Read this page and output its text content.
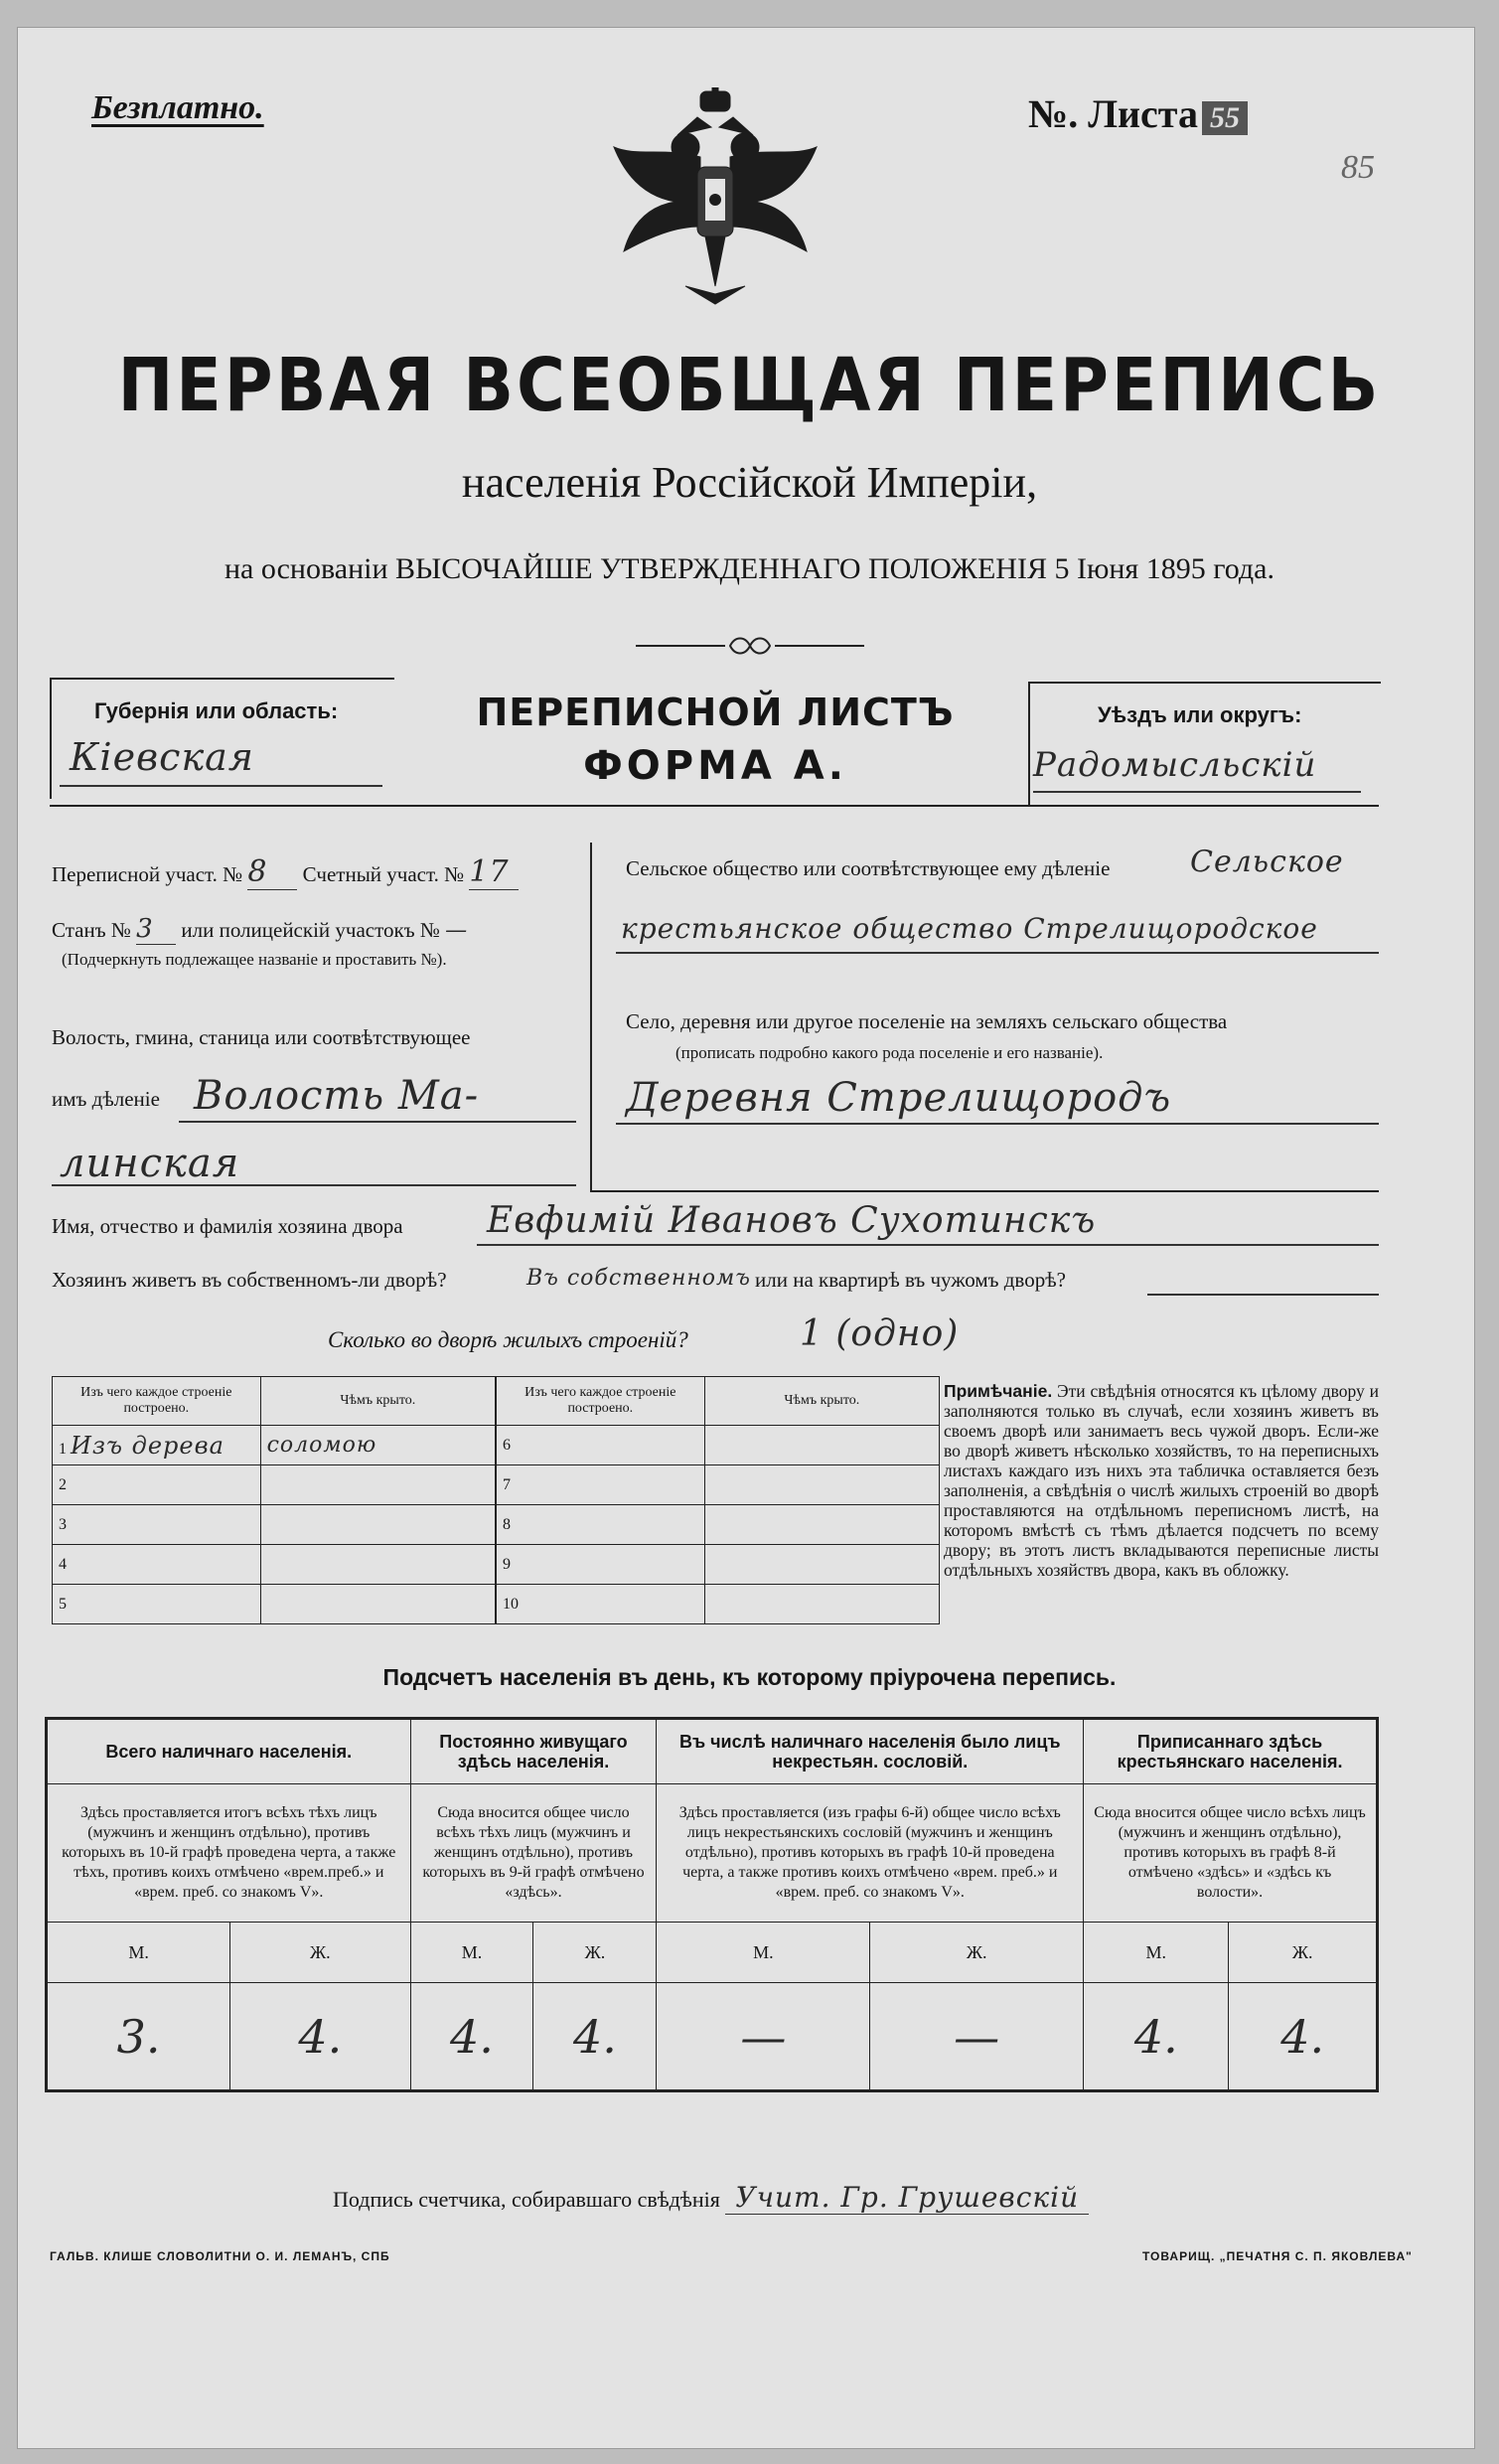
Безплатно.	№. Листа 55
85
ПЕРВАЯ ВСЕОБЩАЯ ПЕРЕПИСЬ
населенія Россійской Имперіи,
на основаніи ВЫСОЧАЙШЕ УТВЕРЖДЕННАГО ПОЛОЖЕНІЯ 5 Іюня 1895 года.
Губернія или область:
Кіевская
ПЕРЕПИСНОЙ ЛИСТЪ
ФОРМА А.
Уѣздъ или округъ:
Радомысльскій
Переписной участ. № 8 Счетный участ. № 17
Станъ № 3 или полицейскій участокъ № —
(Подчеркнуть подлежащее названіе и проставить №).
Волость, гмина, станица или соотвѣтствующее
имъ дѣленіе Волость Ма-
линская
Сельское общество или соотвѣтствующее ему дѣленіе	Сельское
крестьянское общество Стрелищородское
Село, деревня или другое поселеніе на земляхъ сельскаго общества
(прописать подробно какого рода поселеніе и его названіе).
Деревня Стрелищородъ
Имя, отчество и фамилія хозяина двора Евфимій Ивановъ Сухотинскъ
Хозяинъ живетъ въ собственномъ-ли дворѣ?	Въ собственномъ или на квартирѣ въ чужомъ дворѣ?
Сколько во дворѣ жилыхъ строеній?	1 (одно)
Изъ чего каждое строеніе построено.	Чѣмъ крыто.
1 Изъ дерева	соломою
2	
3	
4	
5	
Изъ чего каждое строеніе построено.	Чѣмъ крыто.
6	
7	
8	
9	
10	
Примѣчаніе. Эти свѣдѣнія относятся къ цѣлому двору и заполняются только въ случаѣ, если хозяинъ живетъ въ своемъ дворѣ или занимаетъ весь чужой дворъ. Если-же во дворѣ живетъ нѣсколько хозяйствъ, то на переписныхъ листахъ каждаго изъ нихъ эта табличка оставляется безъ заполненія, а свѣдѣнія о числѣ жилыхъ строеній во дворѣ проставляются на отдѣльномъ переписномъ листѣ, на которомъ вмѣстѣ съ тѣмъ дѣлается подсчетъ по всему двору; въ этотъ листъ вкладываются переписные листы отдѣльныхъ хозяйствъ двора, какъ въ обложку.
Подсчетъ населенія въ день, къ которому пріурочена перепись.
Всего наличнаго населенія.		Постоянно живущаго здѣсь населенія.		Въ числѣ наличнаго населенія было лицъ некрестьян. сословій.		Приписаннаго здѣсь крестьянскаго населенія.	
Здѣсь проставляется итогъ всѣхъ тѣхъ лицъ (мужчинъ и женщинъ отдѣльно), противъ которыхъ въ 10-й графѣ проведена черта, а также тѣхъ, противъ коихъ отмѣчено «врем.преб.» и «врем. преб. со знакомъ V».		Сюда вносится общее число всѣхъ тѣхъ лицъ (мужчинъ и женщинъ отдѣльно), противъ которыхъ въ 9-й графѣ отмѣчено «здѣсь».		Здѣсь проставляется (изъ графы 6-й) общее число всѣхъ лицъ некрестьянскихъ сословій (мужчинъ и женщинъ отдѣльно), противъ которыхъ въ графѣ 10-й проведена черта, а также противъ коихъ отмѣчено «врем. преб.» и «врем. преб. со знакомъ V».		Сюда вносится общее число всѣхъ лицъ (мужчинъ и женщинъ отдѣльно), противъ которыхъ въ графѣ 8-й отмѣчено «здѣсь» и «здѣсь къ волости».	
М.	Ж.	М.	Ж.	М.	Ж.	М.	Ж.
3.	4.	4.	4.	—	—	4.	4.
Подпись счетчика, собиравшаго свѣдѣнія Учит. Гр. Грушевскій
ГАЛЬВ. КЛИШЕ СЛОВОЛИТНИ О. И. ЛЕМАНЪ, СПБ	ТОВАРИЩ. „ПЕЧАТНЯ С. П. ЯКОВЛЕВА"
